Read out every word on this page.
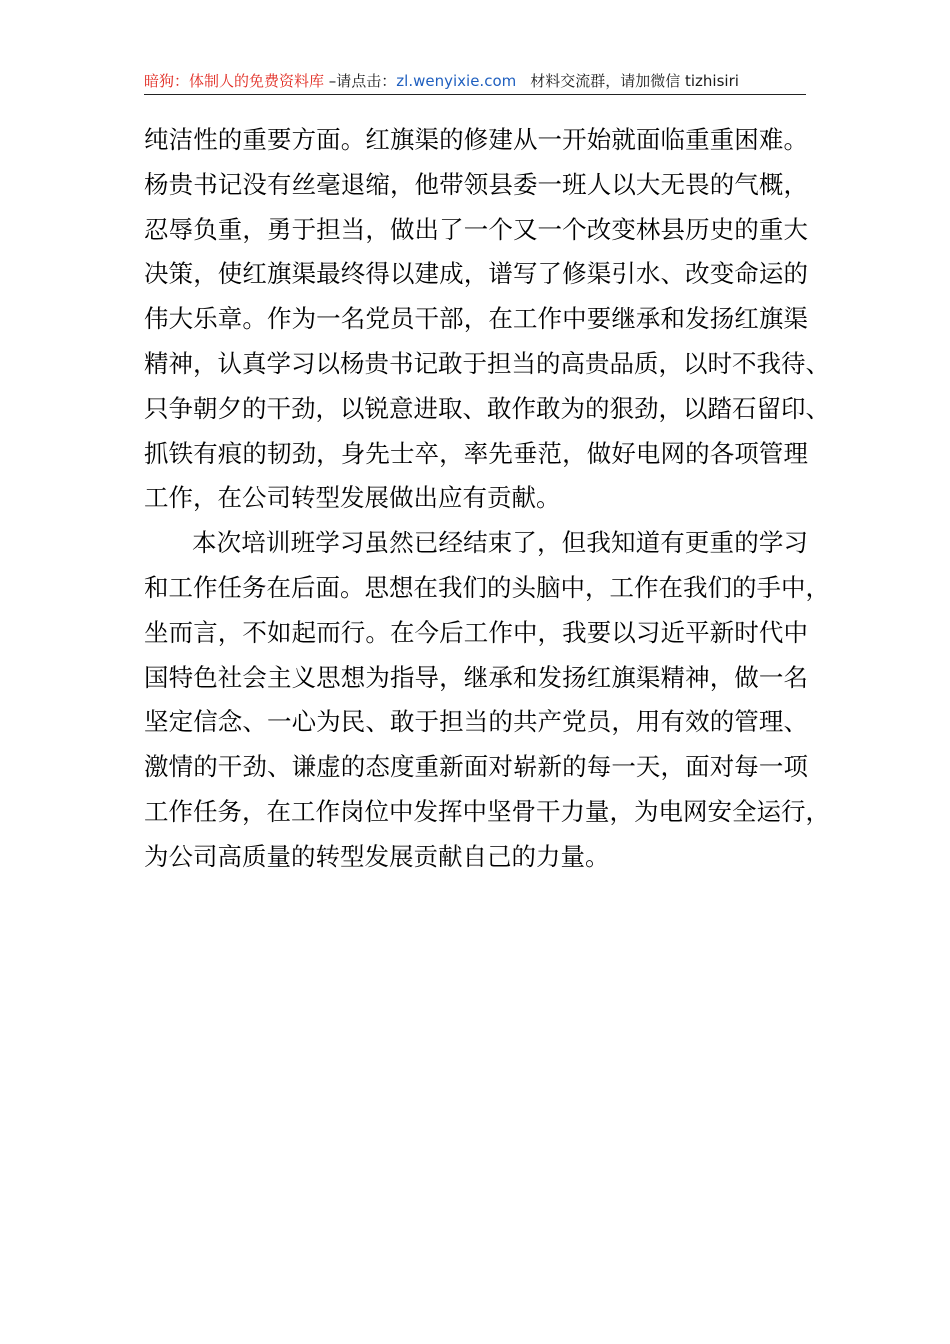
暗狗：体制人的免费资料库 –请点击：zl.wenyixie.com 材料交流群，请加微信 tizhisiri
纯洁性的重要方面。红旗渠的修建从一开始就面临重重困难。
杨贵书记没有丝毫退缩，他带领县委一班人以大无畏的气概，
忍辱负重，勇于担当，做出了一个又一个改变林县历史的重大
决策，使红旗渠最终得以建成，谱写了修渠引水、改变命运的
伟大乐章。作为一名党员干部，在工作中要继承和发扬红旗渠
精神，认真学习以杨贵书记敢于担当的高贵品质，以时不我待、
只争朝夕的干劲，以锐意进取、敢作敢为的狠劲，以踏石留印、
抓铁有痕的韧劲，身先士卒，率先垂范，做好电网的各项管理
工作，在公司转型发展做出应有贡献。
本次培训班学习虽然已经结束了，但我知道有更重的学习
和工作任务在后面。思想在我们的头脑中，工作在我们的手中，
坐而言，不如起而行。在今后工作中，我要以习近平新时代中
国特色社会主义思想为指导，继承和发扬红旗渠精神，做一名
坚定信念、一心为民、敢于担当的共产党员，用有效的管理、
激情的干劲、谦虚的态度重新面对崭新的每一天，面对每一项
工作任务，在工作岗位中发挥中坚骨干力量，为电网安全运行，
为公司高质量的转型发展贡献自己的力量。
